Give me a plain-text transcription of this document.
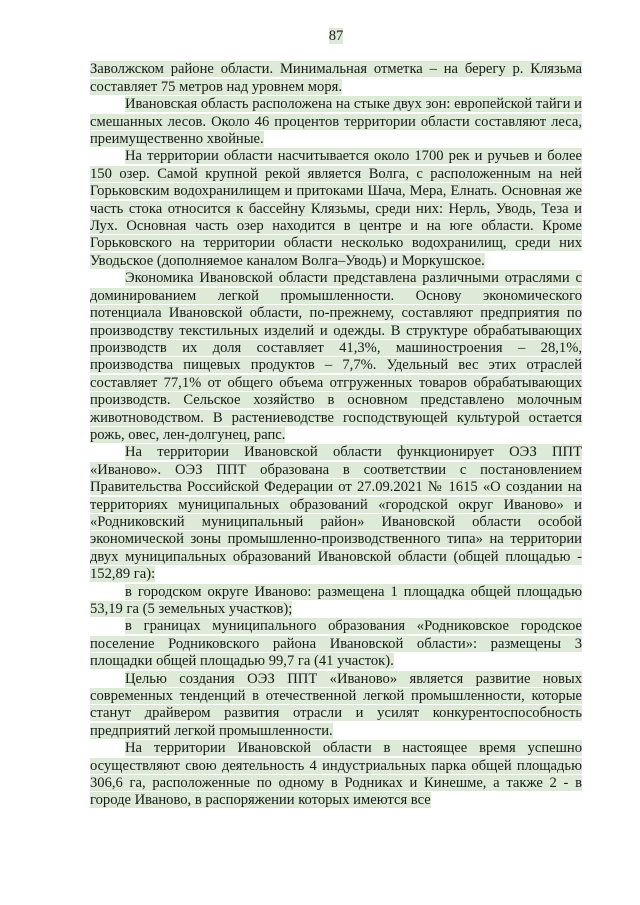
87

Заволжском районе области. Минимальная отметка – на берегу р. Клязьма составляет 75 метров над уровнем моря.

Ивановская область расположена на стыке двух зон: европейской тайги и смешанных лесов. Около 46 процентов территории области составляют леса, преимущественно хвойные.

На территории области насчитывается около 1700 рек и ручьев и более 150 озер. Самой крупной рекой является Волга, с расположенным на ней Горьковским водохранилищем и притоками Шача, Мера, Елнать. Основная же часть стока относится к бассейну Клязьмы, среди них: Нерль, Уводь, Теза и Лух. Основная часть озер находится в центре и на юге области. Кроме Горьковского на территории области несколько водохранилищ, среди них Уводьское (дополняемое каналом Волга–Уводь) и Моркушское.

Экономика Ивановской области представлена различными отраслями с доминированием легкой промышленности. Основу экономического потенциала Ивановской области, по-прежнему, составляют предприятия по производству текстильных изделий и одежды. В структуре обрабатывающих производств их доля составляет 41,3%, машиностроения – 28,1%, производства пищевых продуктов – 7,7%. Удельный вес этих отраслей составляет 77,1% от общего объема отгруженных товаров обрабатывающих производств. Сельское хозяйство в основном представлено молочным животноводством. В растениеводстве господствующей культурой остается рожь, овес, лен-долгунец, рапс.

На территории Ивановской области функционирует ОЭЗ ППТ «Иваново». ОЭЗ ППТ образована в соответствии с постановлением Правительства Российской Федерации от 27.09.2021 № 1615 «О создании на территориях муниципальных образований «городской округ Иваново» и «Родниковский муниципальный район» Ивановской области особой экономической зоны промышленно-производственного типа» на территории двух муниципальных образований Ивановской области (общей площадью - 152,89 га):

в городском округе Иваново: размещена 1 площадка общей площадью 53,19 га (5 земельных участков);

в границах муниципального образования «Родниковское городское поселение Родниковского района Ивановской области»: размещены 3 площадки общей площадью 99,7 га (41 участок).

Целью создания ОЭЗ ППТ «Иваново» является развитие новых современных тенденций в отечественной легкой промышленности, которые станут драйвером развития отрасли и усилят конкурентоспособность предприятий легкой промышленности.

На территории Ивановской области в настоящее время успешно осуществляют свою деятельность 4 индустриальных парка общей площадью 306,6 га, расположенные по одному в Родниках и Кинешме, а также 2 - в городе Иваново, в распоряжении которых имеются все
